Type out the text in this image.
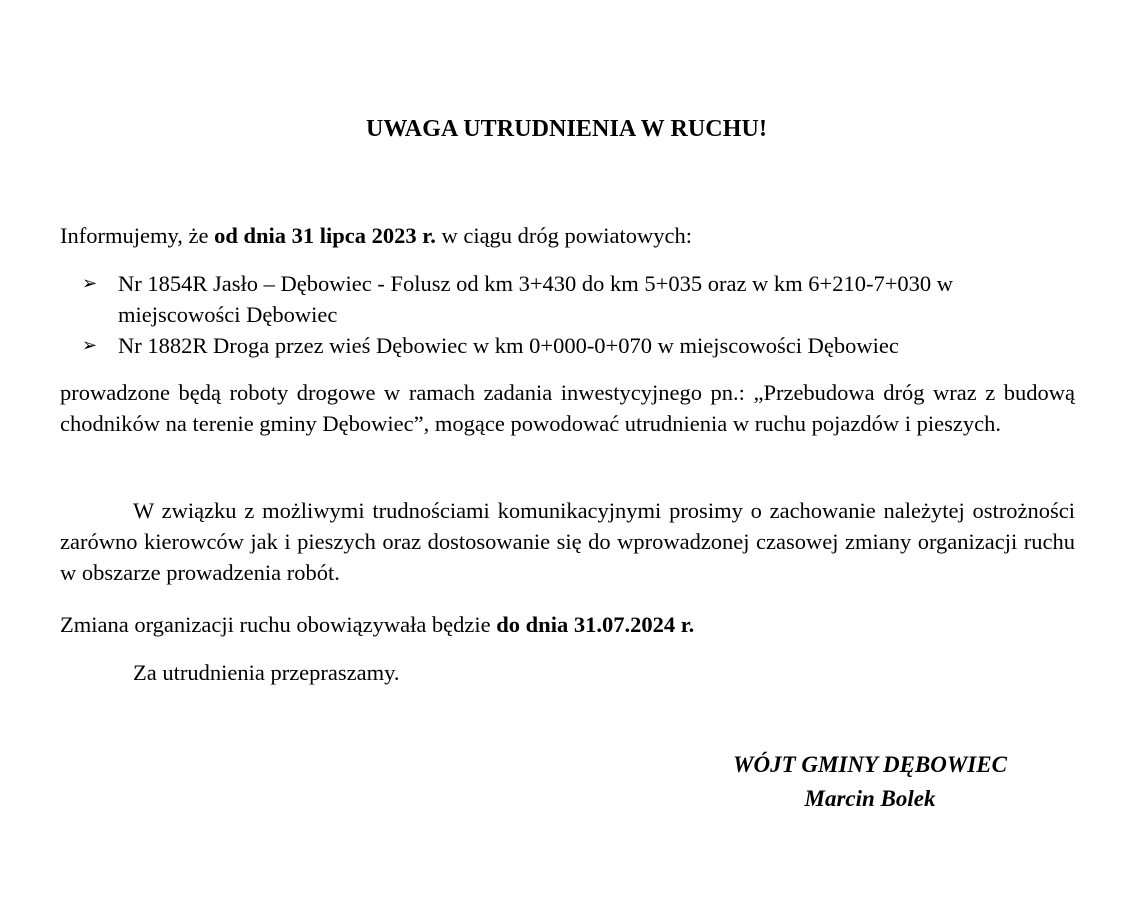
UWAGA UTRUDNIENIA W RUCHU!

Informujemy, że od dnia 31 lipca 2023 r. w ciągu dróg powiatowych:

➢ Nr 1854R Jasło – Dębowiec - Folusz od km 3+430 do km 5+035 oraz w km 6+210-7+030 w miejscowości Dębowiec
➢ Nr 1882R Droga przez wieś Dębowiec w km 0+000-0+070 w miejscowości Dębowiec

prowadzone będą roboty drogowe w ramach zadania inwestycyjnego pn.: „Przebudowa dróg wraz z budową chodników na terenie gminy Dębowiec”, mogące powodować utrudnienia w ruchu pojazdów i pieszych.

W związku z możliwymi trudnościami komunikacyjnymi prosimy o zachowanie należytej ostrożności zarówno kierowców jak i pieszych oraz dostosowanie się do wprowadzonej czasowej zmiany organizacji ruchu w obszarze prowadzenia robót.

Zmiana organizacji ruchu obowiązywała będzie do dnia 31.07.2024 r.

Za utrudnienia przepraszamy.

WÓJT GMINY DĘBOWIEC
Marcin Bolek
